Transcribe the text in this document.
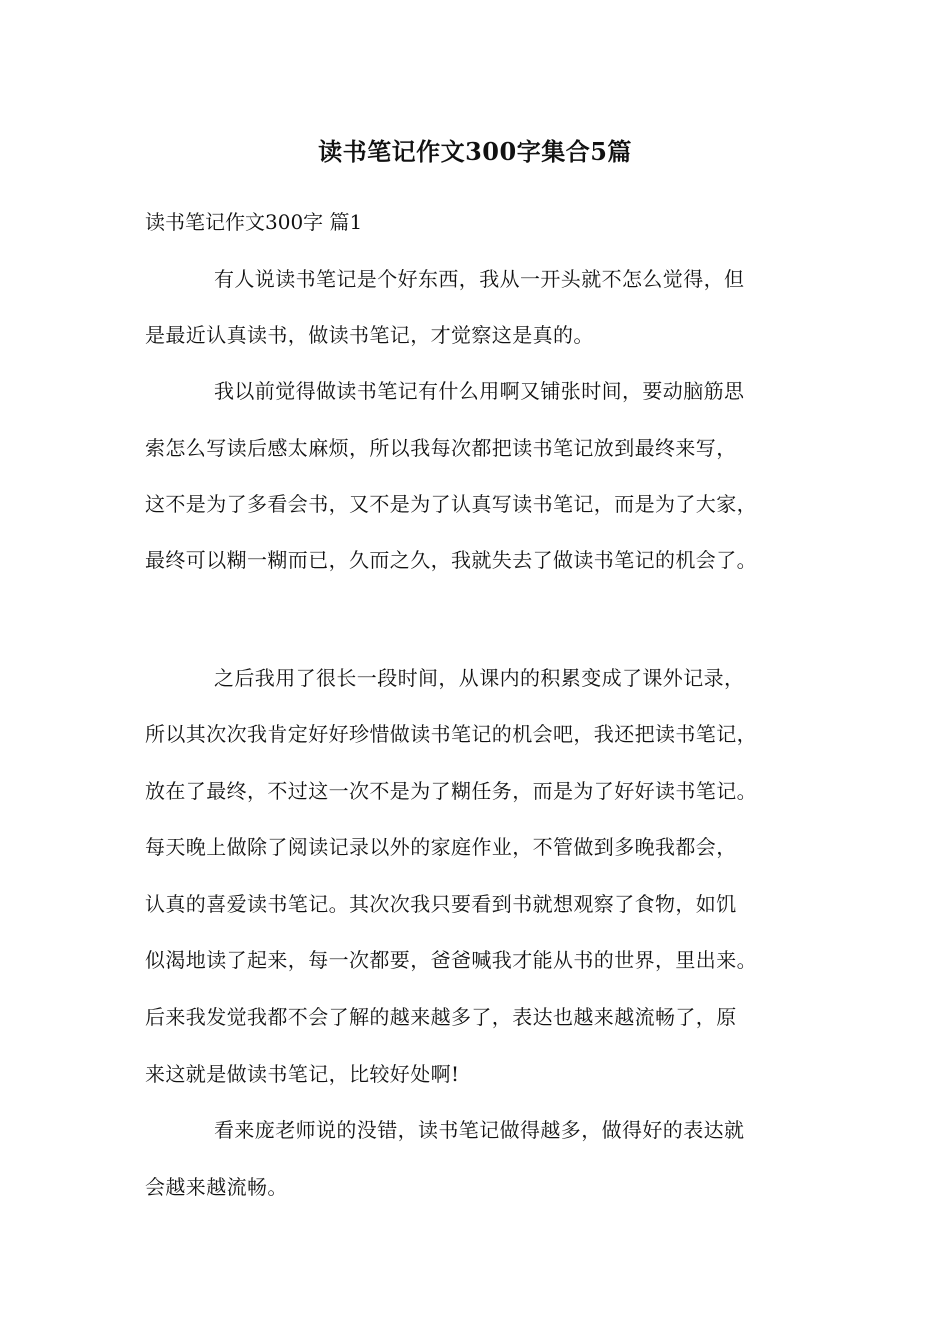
读书笔记作文300字集合5篇
读书笔记作文300字 篇1
有人说读书笔记是个好东西，我从一开头就不怎么觉得，但
是最近认真读书，做读书笔记，才觉察这是真的。
我以前觉得做读书笔记有什么用啊又铺张时间，要动脑筋思
索怎么写读后感太麻烦，所以我每次都把读书笔记放到最终来写，
这不是为了多看会书，又不是为了认真写读书笔记，而是为了大家，
最终可以糊一糊而已，久而之久，我就失去了做读书笔记的机会了。
之后我用了很长一段时间，从课内的积累变成了课外记录，
所以其次次我肯定好好珍惜做读书笔记的机会吧，我还把读书笔记，
放在了最终，不过这一次不是为了糊任务，而是为了好好读书笔记。
每天晚上做除了阅读记录以外的家庭作业，不管做到多晚我都会，
认真的喜爱读书笔记。其次次我只要看到书就想观察了食物，如饥
似渴地读了起来，每一次都要，爸爸喊我才能从书的世界，里出来。
后来我发觉我都不会了解的越来越多了，表达也越来越流畅了，原
来这就是做读书笔记，比较好处啊!
看来庞老师说的没错，读书笔记做得越多，做得好的表达就
会越来越流畅。
